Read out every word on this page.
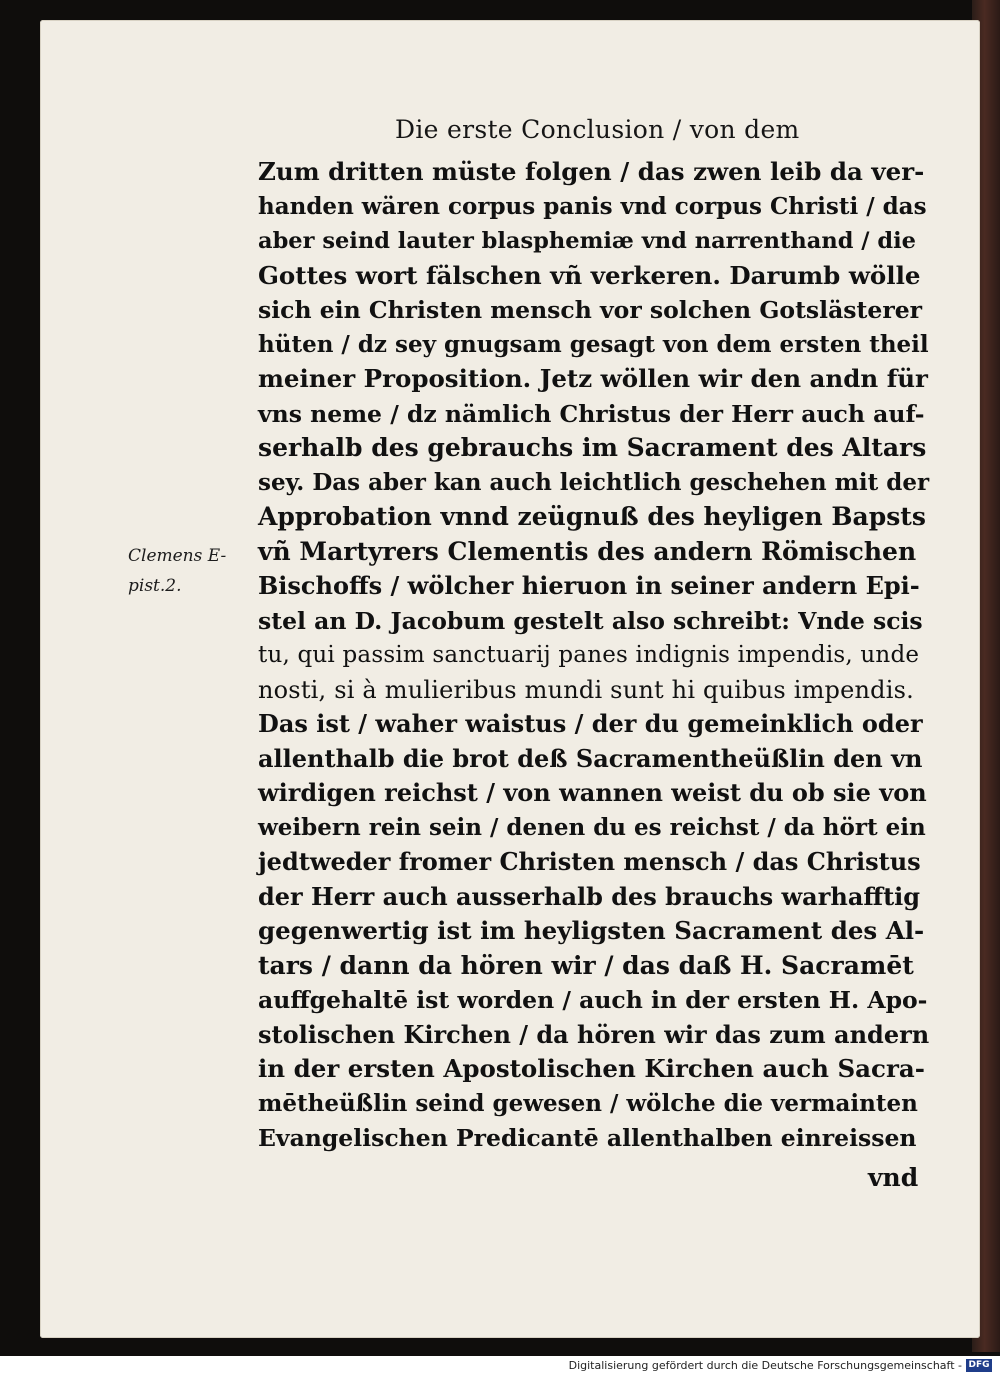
Die erste Conclusion / von dem
Clemens E-
pist.2.
Zum dritten müste folgen / das zwen leib da ver-
handen wären corpus panis vnd corpus Christi / das
aber seind lauter blasphemiæ vnd narrenthand / die
Gottes wort fälschen vñ verkeren. Darumb wölle
sich ein Christen mensch vor solchen Gotslästerer
hüten / dz sey gnugsam gesagt von dem ersten theil
meiner Proposition. Jetz wöllen wir den andn für
vns neme / dz nämlich Christus der Herr auch auf-
serhalb des gebrauchs im Sacrament des Altars
sey. Das aber kan auch leichtlich geschehen mit der
Approbation vnnd zeügnuß des heyligen Bapsts
vñ Martyrers Clementis des andern Römischen
Bischoffs / wölcher hieruon in seiner andern Epi-
stel an D. Jacobum gestelt also schreibt: Vnde scis
tu, qui passim sanctuarij panes indignis impendis, unde
nosti, si à mulieribus mundi sunt hi quibus impendis.
Das ist / waher waistus / der du gemeinklich oder
allenthalb die brot deß Sacramentheüßlin den vn
wirdigen reichst / von wannen weist du ob sie von
weibern rein sein / denen du es reichst / da hört ein
jedtweder fromer Christen mensch / das Christus
der Herr auch ausserhalb des brauchs warhafftig
gegenwertig ist im heyligsten Sacrament des Al-
tars / dann da hören wir / das daß H. Sacramēt
auffgehaltē ist worden / auch in der ersten H. Apo-
stolischen Kirchen / da hören wir das zum andern
in der ersten Apostolischen Kirchen auch Sacra-
mētheüßlin seind gewesen / wölche die vermainten
Evangelischen Predicantē allenthalben einreissen
vnd
Digitalisierung gefördert durch die Deutsche Forschungsgemeinschaft - DFG
